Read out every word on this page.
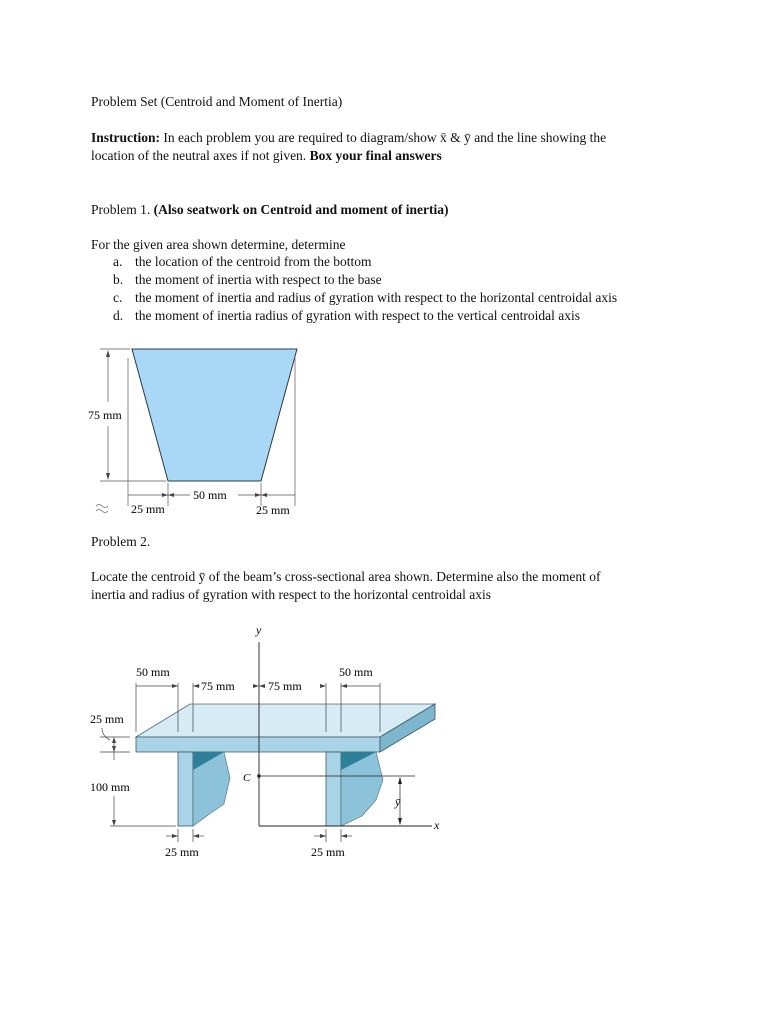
Problem Set (Centroid and Moment of Inertia)
Instruction: In each problem you are required to diagram/show x̄ & ȳ and the line showing the
location of the neutral axes if not given. Box your final answers
Problem 1. (Also seatwork on Centroid and moment of inertia)
For the given area shown determine, determine
a. the location of the centroid from the bottom
b. the moment of inertia with respect to the base
c. the moment of inertia and radius of gyration with respect to the horizontal centroidal axis
d. the moment of inertia radius of gyration with respect to the vertical centroidal axis
75 mm
50 mm
25 mm	25 mm
Problem 2.
Locate the centroid ȳ of the beam’s cross-sectional area shown. Determine also the moment of
inertia and radius of gyration with respect to the horizontal centroidal axis
y
x
C
ȳ
50 mm	50 mm
75 mm	75 mm
25 mm
100 mm
25 mm	25 mm
